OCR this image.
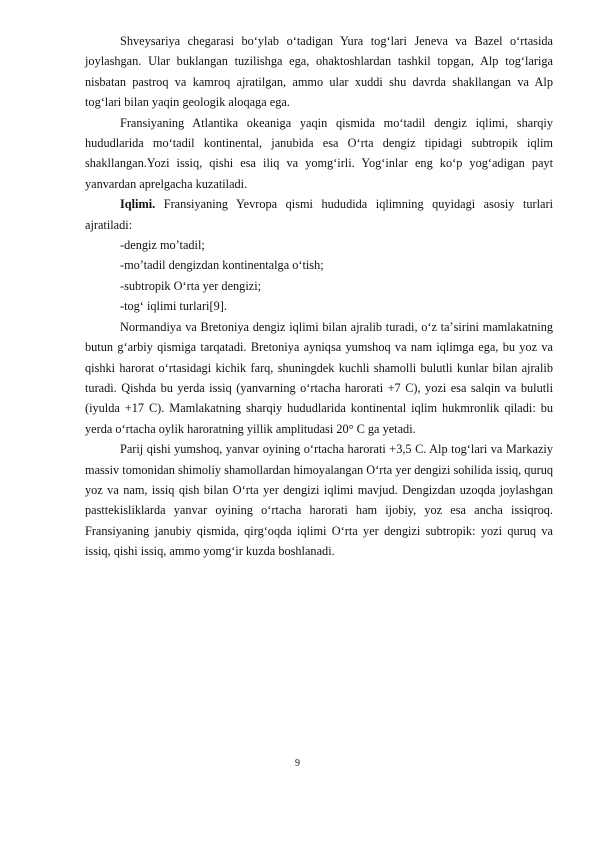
Shveysariya chegarasi boʻylab oʻtadigan Yura togʻlari Jeneva va Bazel oʻrtasida joylashgan. Ular buklangan tuzilishga ega, ohaktoshlardan tashkil topgan, Alp togʻlariga nisbatan pastroq va kamroq ajratilgan, ammo ular xuddi shu davrda shakllangan va Alp togʻlari bilan yaqin geologik aloqaga ega.

Fransiyaning Atlantika okeaniga yaqin qismida mo‘tadil dengiz iqlimi, sharqiy hududlarida mo‘tadil kontinental, janubida esa O‘rta dengiz tipidagi subtropik iqlim shakllangan.Yozi issiq, qishi esa iliq va yomg‘irli. Yog‘inlar eng ko‘p yog‘adigan payt yanvardan aprelgacha kuzatiladi.

Iqlimi. Fransiyaning Yevropa qismi hududida iqlimning quyidagi asosiy turlari ajratiladi:

-dengiz mo’tadil;

-mo’tadil dengizdan kontinentalga oʻtish;

-subtropik Oʻrta yer dengizi;

-togʻ iqlimi turlari[9].

Normandiya va Bretoniya dengiz iqlimi bilan ajralib turadi, oʻz taʼsirini mamlakatning butun gʻarbiy qismiga tarqatadi. Bretoniya ayniqsa yumshoq va nam iqlimga ega, bu yoz va qishki harorat oʻrtasidagi kichik farq, shuningdek kuchli shamolli bulutli kunlar bilan ajralib turadi. Qishda bu yerda issiq (yanvarning oʻrtacha harorati +7 C), yozi esa salqin va bulutli (iyulda +17 C). Mamlakatning sharqiy hududlarida kontinental iqlim hukmronlik qiladi: bu yerda oʻrtacha oylik haroratning yillik amplitudasi 20° C ga yetadi.

Parij qishi yumshoq, yanvar oyining oʻrtacha harorati +3,5 C. Alp togʻlari va Markaziy massiv tomonidan shimoliy shamollardan himoyalangan Oʻrta yer dengizi sohilida issiq, quruq yoz va nam, issiq qish bilan Oʻrta yer dengizi iqlimi mavjud. Dengizdan uzoqda joylashgan pasttekisliklarda yanvar oyining oʻrtacha harorati ham ijobiy, yoz esa ancha issiqroq. Fransiyaning janubiy qismida, qirgʻoqda iqlimi Oʻrta yer dengizi subtropik: yozi quruq va issiq, qishi issiq, ammo yomgʻir kuzda boshlanadi.

9
